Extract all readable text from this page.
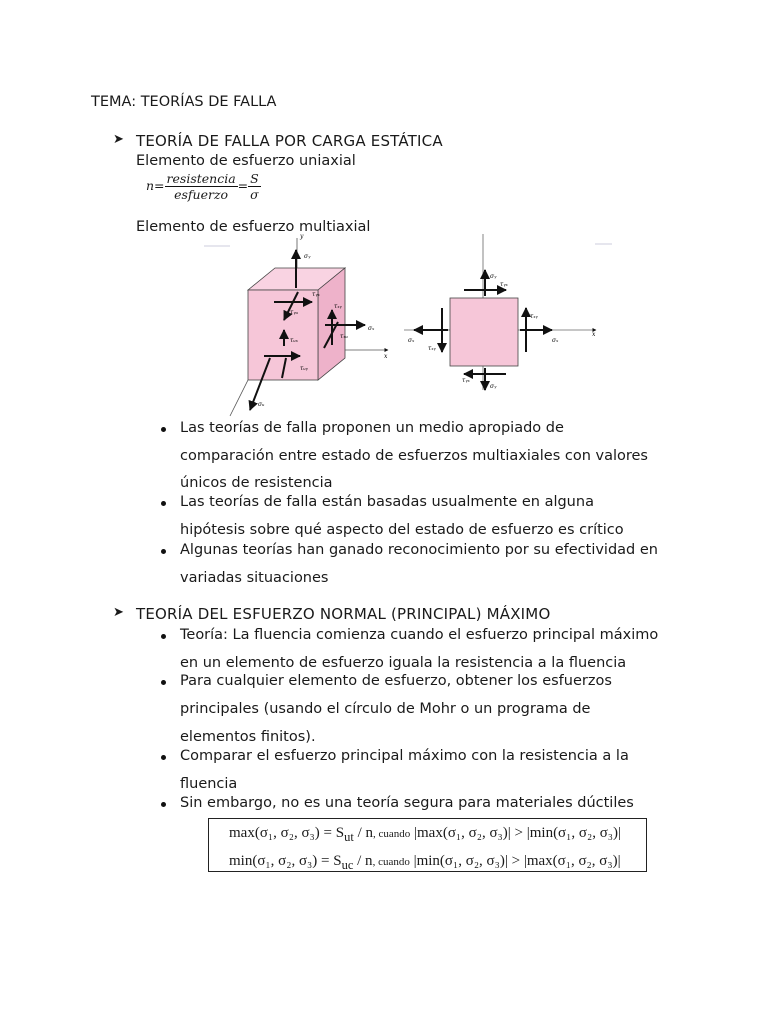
TEMA: TEORÍAS DE FALLA
➤ TEORÍA DE FALLA POR CARGA ESTÁTICA
Elemento de esfuerzo uniaxial
$n= \frac{\text{resistencia}}{\text{esfuerzo}} = \frac{S}{\sigma}$
Elemento de esfuerzo multiaxial
σᵧ
τᵧₓ
τᵧᵤ
τₓᵧ
τₓᵤ
τᵤₓ
τᵤᵧ
σₓ
σᵤ
y
x
σᵧ
τᵧₓ
τₓᵧ
σₓ
σₓ
τₓᵧ
τᵧₓ
σᵧ
x
Las teorías de falla proponen un medio apropiado de
comparación entre estado de esfuerzos multiaxiales con valores
únicos de resistencia
Las teorías de falla están basadas usualmente en alguna
hipótesis sobre qué aspecto del estado de esfuerzo es crítico
Algunas teorías han ganado reconocimiento por su efectividad en
variadas situaciones
➤ TEORÍA DEL ESFUERZO NORMAL (PRINCIPAL) MÁXIMO
Teoría: La fluencia comienza cuando el esfuerzo principal máximo
en un elemento de esfuerzo iguala la resistencia a la fluencia
Para cualquier elemento de esfuerzo, obtener los esfuerzos
principales (usando el círculo de Mohr o un programa de
elementos finitos).
Comparar el esfuerzo principal máximo con la resistencia a la
fluencia
Sin embargo, no es una teoría segura para materiales dúctiles
max(σ₁, σ₂, $\sigma_3) = S_{ut} / n$, cuando |max(σ₁, σ₂, σ₃)| > |min(σ₁, σ₂, σ₃)|
min(σ₁, σ₂, $\sigma_3) = S_{uc} / n$, cuando |min(σ₁, σ₂, σ₃)| > |max(σ₁, σ₂, σ₃)|
